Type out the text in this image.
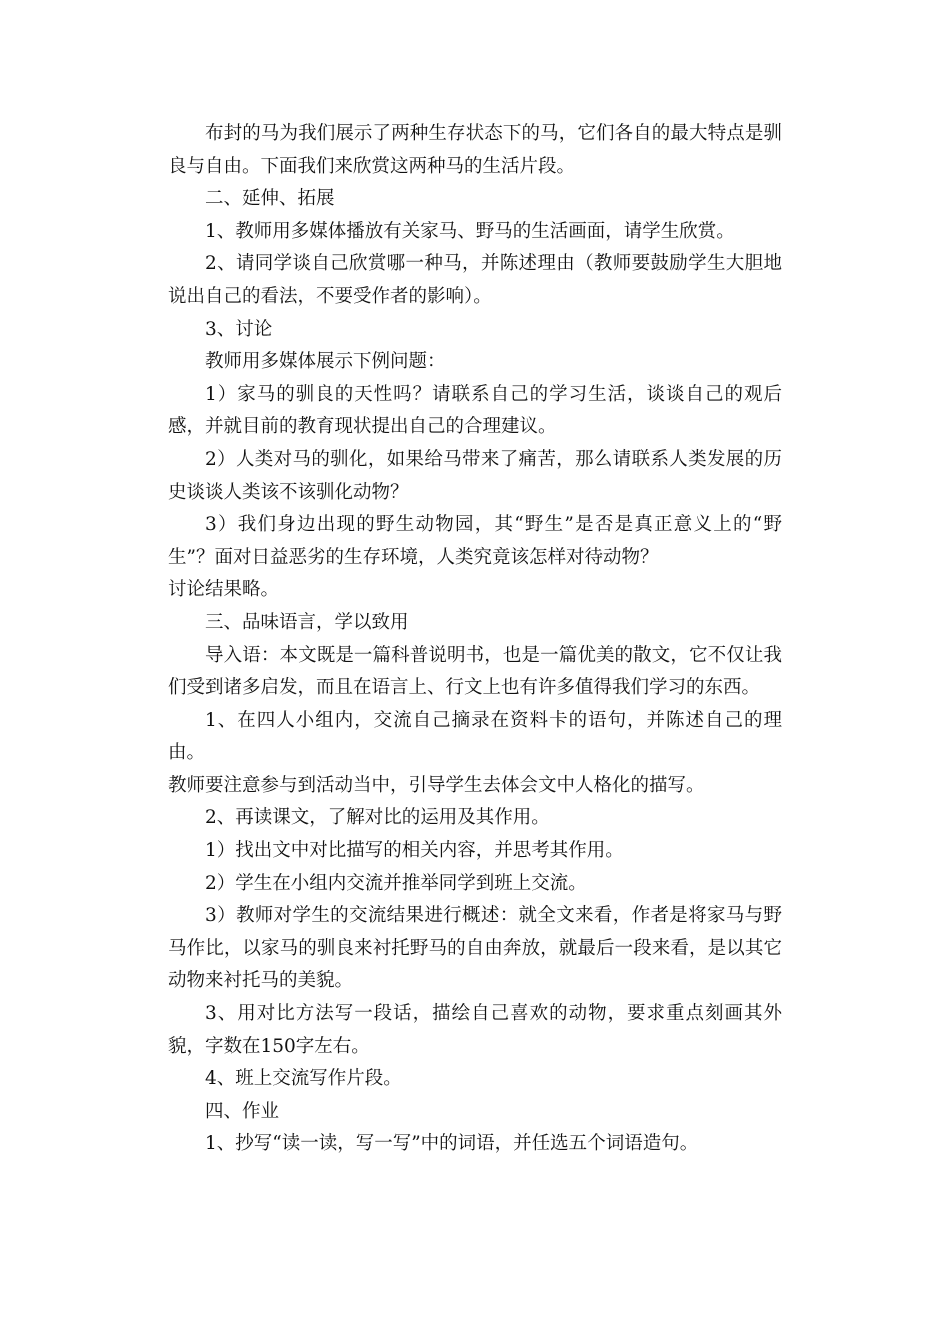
布封的马为我们展示了两种生存状态下的马，它们各自的最大特点是驯良与自由。下面我们来欣赏这两种马的生活片段。

二、延伸、拓展

1、教师用多媒体播放有关家马、野马的生活画面，请学生欣赏。

2、请同学谈自己欣赏哪一种马，并陈述理由（教师要鼓励学生大胆地说出自己的看法，不要受作者的影响）。

3、讨论

教师用多媒体展示下例问题：

1）家马的驯良的天性吗？请联系自己的学习生活，谈谈自己的观后感，并就目前的教育现状提出自己的合理建议。

2）人类对马的驯化，如果给马带来了痛苦，那么请联系人类发展的历史谈谈人类该不该驯化动物？

3）我们身边出现的野生动物园，其“野生”是否是真正意义上的“野生”？面对日益恶劣的生存环境，人类究竟该怎样对待动物？

讨论结果略。

三、品味语言，学以致用

导入语：本文既是一篇科普说明书，也是一篇优美的散文，它不仅让我们受到诸多启发，而且在语言上、行文上也有许多值得我们学习的东西。

1、在四人小组内，交流自己摘录在资料卡的语句，并陈述自己的理由。

教师要注意参与到活动当中，引导学生去体会文中人格化的描写。

2、再读课文，了解对比的运用及其作用。

1）找出文中对比描写的相关内容，并思考其作用。

2）学生在小组内交流并推举同学到班上交流。

3）教师对学生的交流结果进行概述：就全文来看，作者是将家马与野马作比，以家马的驯良来衬托野马的自由奔放，就最后一段来看，是以其它动物来衬托马的美貌。

3、用对比方法写一段话，描绘自己喜欢的动物，要求重点刻画其外貌，字数在150字左右。

4、班上交流写作片段。

四、作业

1、抄写“读一读，写一写”中的词语，并任选五个词语造句。
